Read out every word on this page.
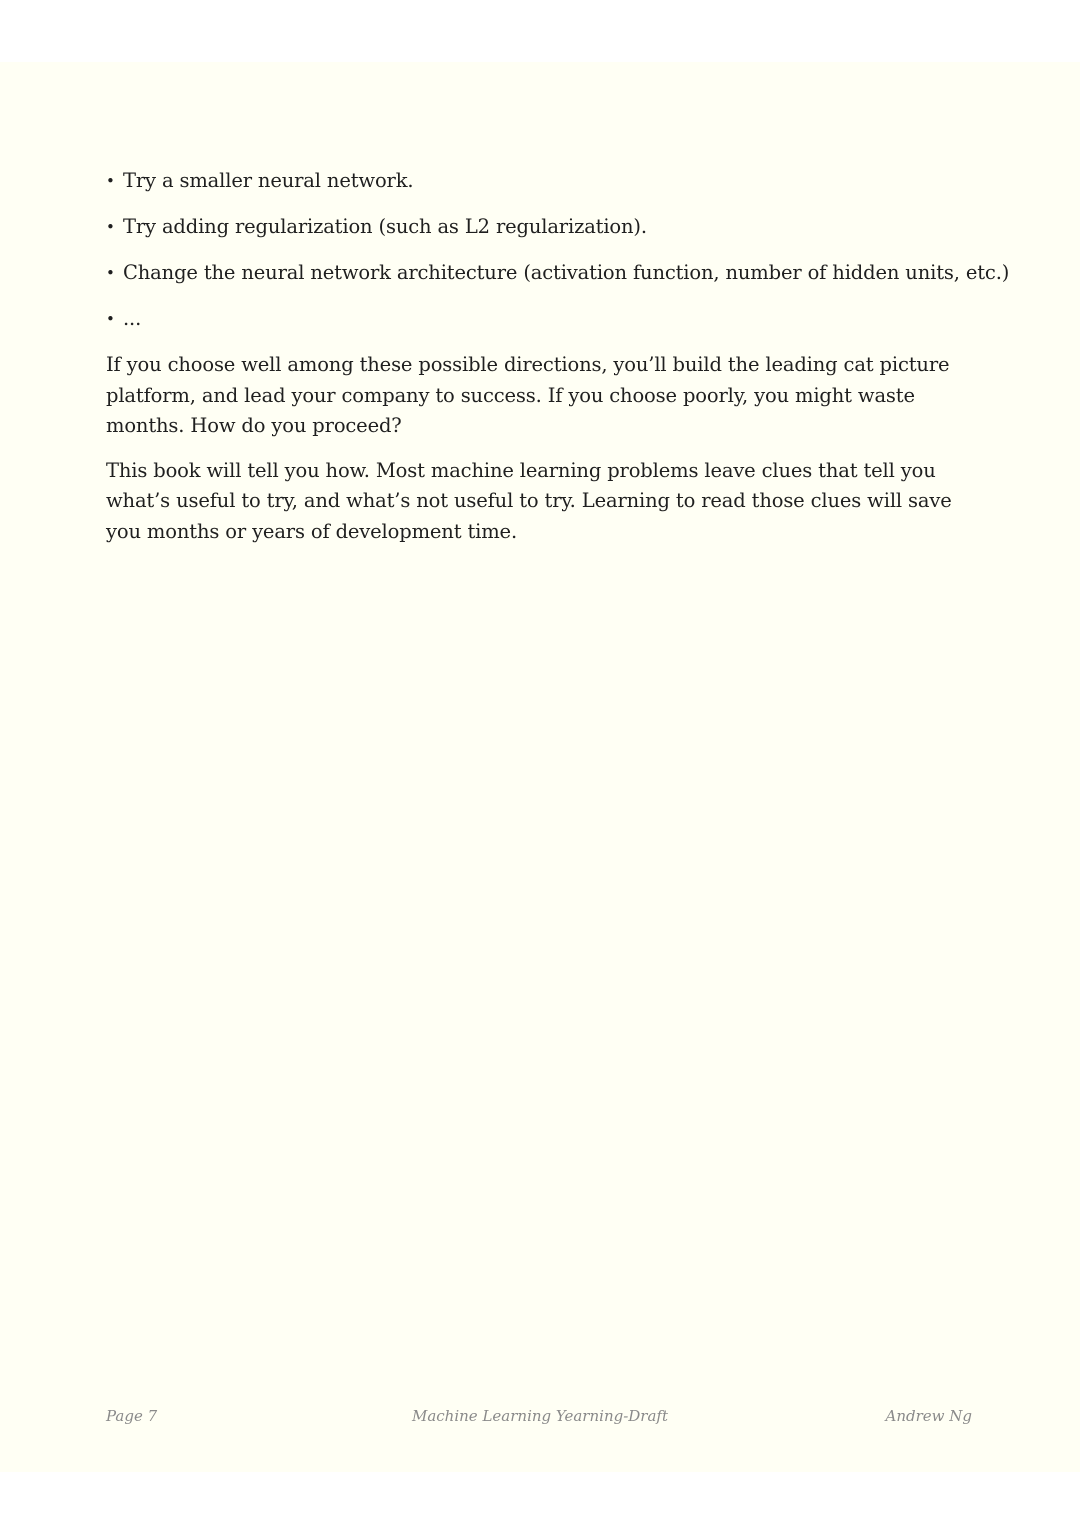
• Try a smaller neural network.
• Try adding regularization (such as L2 regularization).
• Change the neural network architecture (activation function, number of hidden units, etc.)
• ...

If you choose well among these possible directions, you’ll build the leading cat picture platform, and lead your company to success. If you choose poorly, you might waste months. How do you proceed?

This book will tell you how. Most machine learning problems leave clues that tell you what’s useful to try, and what’s not useful to try. Learning to read those clues will save you months or years of development time.

Machine Learning Yearning-Draft
Page 7	Andrew Ng
